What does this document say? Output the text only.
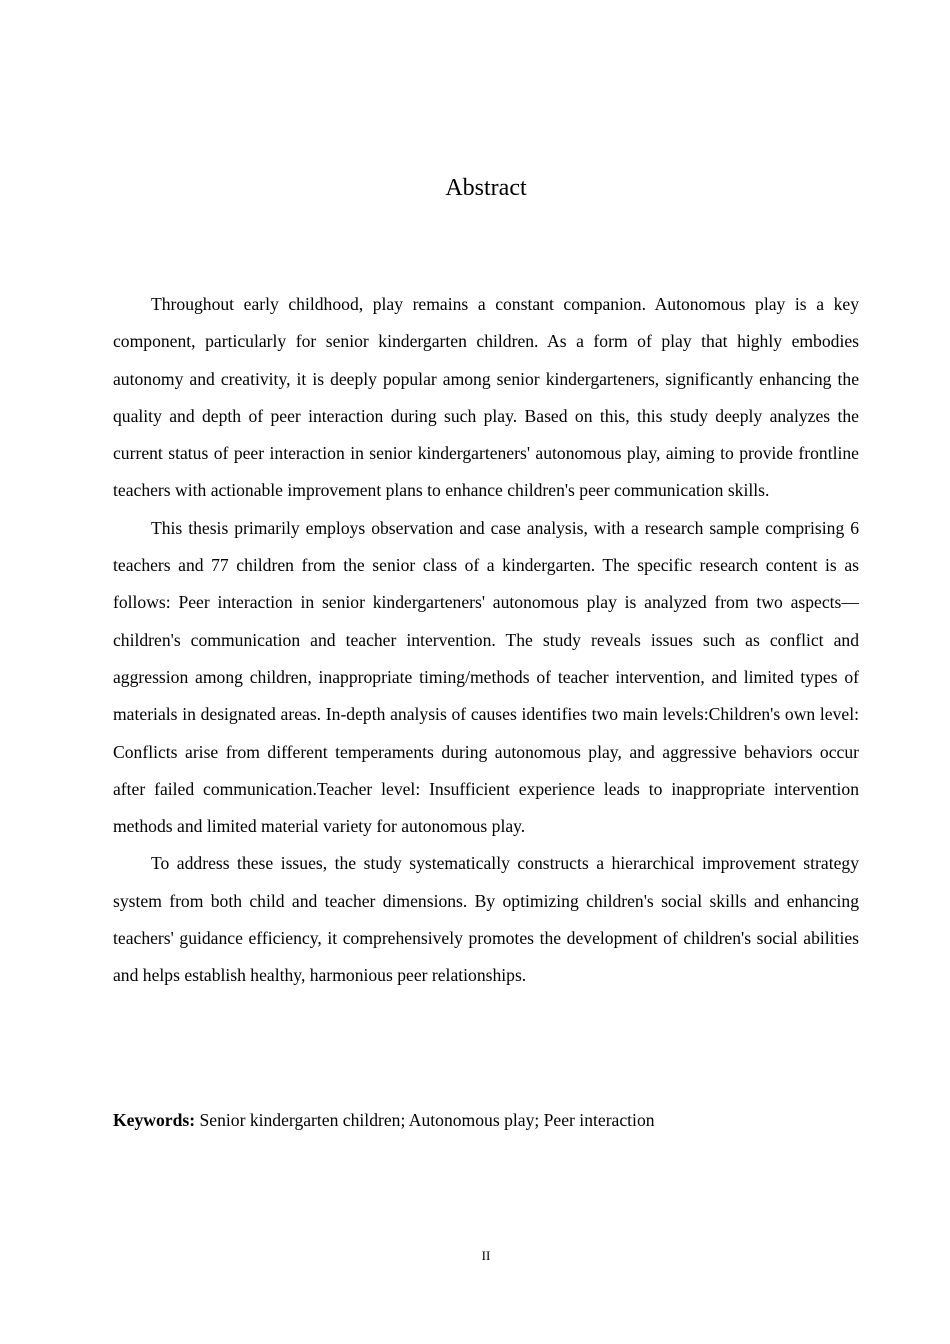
Abstract

Throughout early childhood, play remains a constant companion. Autonomous play is a key component, particularly for senior kindergarten children. As a form of play that highly embodies autonomy and creativity, it is deeply popular among senior kindergarteners, significantly enhancing the quality and depth of peer interaction during such play. Based on this, this study deeply analyzes the current status of peer interaction in senior kindergarteners' autonomous play, aiming to provide frontline teachers with actionable improvement plans to enhance children's peer communication skills.

This thesis primarily employs observation and case analysis, with a research sample comprising 6 teachers and 77 children from the senior class of a kindergarten. The specific research content is as follows: Peer interaction in senior kindergarteners' autonomous play is analyzed from two aspects—children's communication and teacher intervention. The study reveals issues such as conflict and aggression among children, inappropriate timing/methods of teacher intervention, and limited types of materials in designated areas. In-depth analysis of causes identifies two main levels:Children's own level: Conflicts arise from different temperaments during autonomous play, and aggressive behaviors occur after failed communication.Teacher level: Insufficient experience leads to inappropriate intervention methods and limited material variety for autonomous play.

To address these issues, the study systematically constructs a hierarchical improvement strategy system from both child and teacher dimensions. By optimizing children's social skills and enhancing teachers' guidance efficiency, it comprehensively promotes the development of children's social abilities and helps establish healthy, harmonious peer relationships.

Keywords: Senior kindergarten children; Autonomous play; Peer interaction

II
